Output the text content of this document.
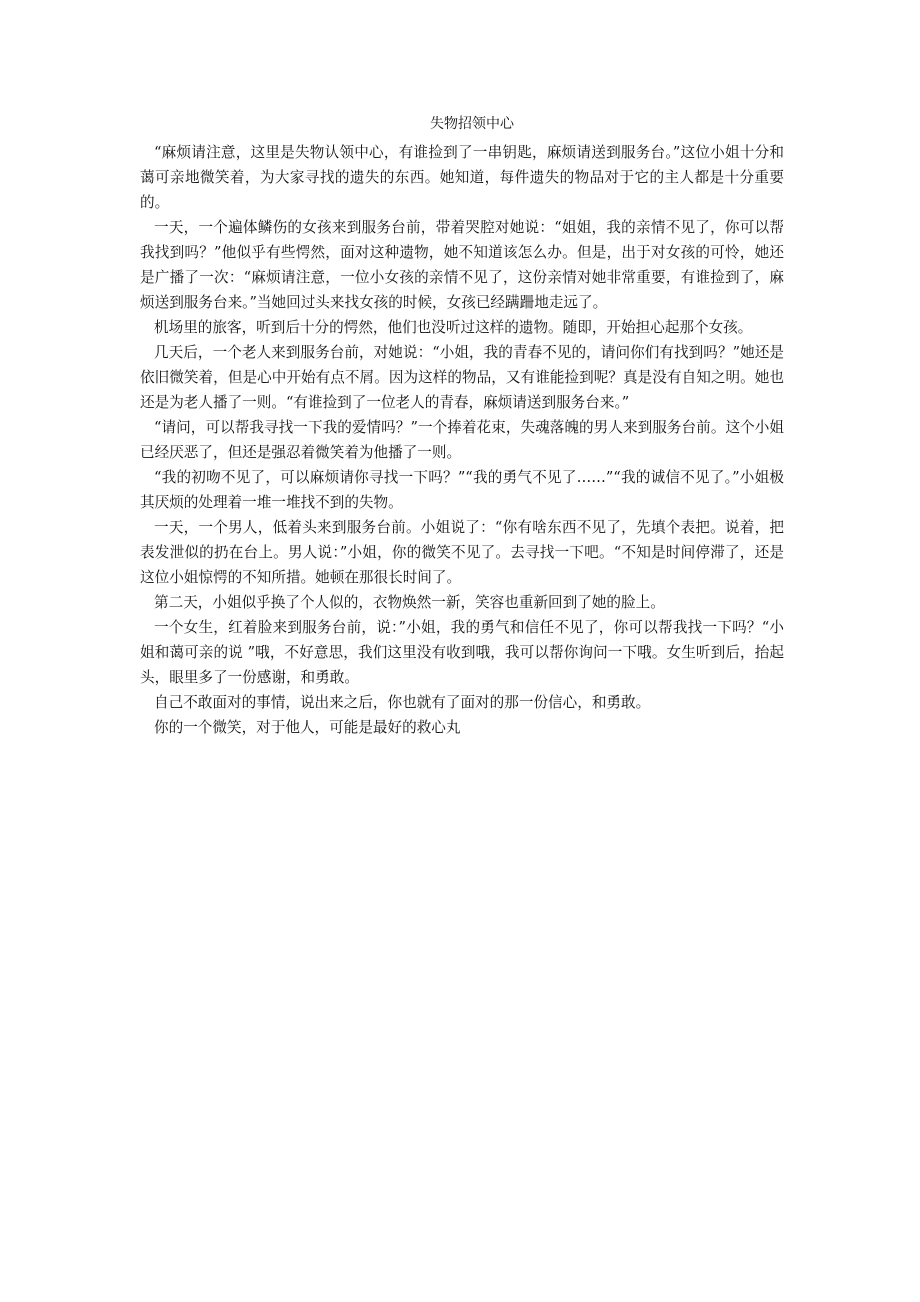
失物招领中心

“麻烦请注意，这里是失物认领中心，有谁捡到了一串钥匙，麻烦请送到服务台。”这位小姐十分和蔼可亲地微笑着，为大家寻找的遗失的东西。她知道，每件遗失的物品对于它的主人都是十分重要的。

一天，一个遍体鳞伤的女孩来到服务台前，带着哭腔对她说：“姐姐，我的亲情不见了，你可以帮我找到吗？”他似乎有些愕然，面对这种遗物，她不知道该怎么办。但是，出于对女孩的可怜，她还是广播了一次：“麻烦请注意，一位小女孩的亲情不见了，这份亲情对她非常重要，有谁捡到了，麻烦送到服务台来。”当她回过头来找女孩的时候，女孩已经蹒跚地走远了。

机场里的旅客，听到后十分的愕然，他们也没听过这样的遗物。随即，开始担心起那个女孩。

几天后，一个老人来到服务台前，对她说：“小姐，我的青春不见的，请问你们有找到吗？”她还是依旧微笑着，但是心中开始有点不屑。因为这样的物品，又有谁能捡到呢？真是没有自知之明。她也还是为老人播了一则。“有谁捡到了一位老人的青春，麻烦请送到服务台来。”

“请问，可以帮我寻找一下我的爱情吗？”一个捧着花束，失魂落魄的男人来到服务台前。这个小姐已经厌恶了，但还是强忍着微笑着为他播了一则。

“我的初吻不见了，可以麻烦请你寻找一下吗？”“我的勇气不见了……”“我的诚信不见了。”小姐极其厌烦的处理着一堆一堆找不到的失物。

一天，一个男人，低着头来到服务台前。小姐说了：“你有啥东西不见了，先填个表把。说着，把表发泄似的扔在台上。男人说：”小姐，你的微笑不见了。去寻找一下吧。“不知是时间停滞了，还是这位小姐惊愕的不知所措。她顿在那很长时间了。

第二天，小姐似乎换了个人似的，衣物焕然一新，笑容也重新回到了她的脸上。

一个女生，红着脸来到服务台前，说：”小姐，我的勇气和信任不见了，你可以帮我找一下吗？“小姐和蔼可亲的说 ”哦，不好意思，我们这里没有收到哦，我可以帮你询问一下哦。女生听到后，抬起头，眼里多了一份感谢，和勇敢。

自己不敢面对的事情，说出来之后，你也就有了面对的那一份信心，和勇敢。

你的一个微笑，对于他人，可能是最好的救心丸
